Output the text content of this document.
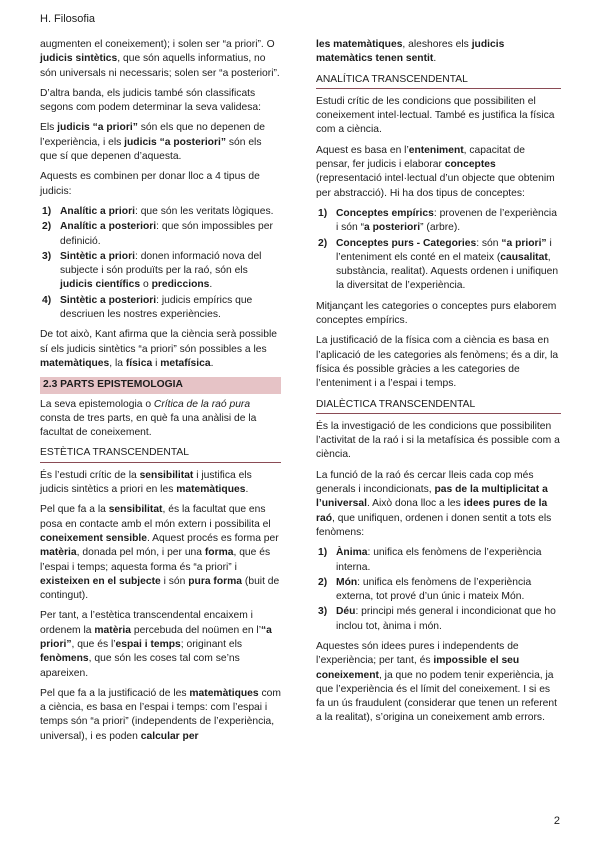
H. Filosofia

augmenten el coneixement); i solen ser “a priori”. O judicis sintètics, que són aquells informatius, no són universals ni necessaris; solen ser “a posteriori”.

D’altra banda, els judicis també són classificats segons com podem determinar la seva validesa:

Els judicis “a priori” són els que no depenen de l’experiència, i els judicis “a posteriori” són els que sí que depenen d’aquesta.

Aquests es combinen per donar lloc a 4 tipus de judicis:

1) Analític a priori: que són les veritats lògiques.
2) Analític a posteriori: que són impossibles per definició.
3) Sintètic a priori: donen informació nova del subjecte i són produïts per la raó, són els judicis científics o prediccions.
4) Sintètic a posteriori: judicis empírics que descriuen les nostres experiències.

De tot això, Kant afirma que la ciència serà possible sí els judicis sintètics “a priori” són possibles a les matemàtiques, la física i metafísica.

2.3 PARTS EPISTEMOLOGIA

La seva epistemologia o Crítica de la raó pura consta de tres parts, en què fa una anàlisi de la facultat de coneixement.

ESTÈTICA TRANSCENDENTAL

És l’estudi crític de la sensibilitat i justifica els judicis sintètics a priori en les matemàtiques.

Pel que fa a la sensibilitat, és la facultat que ens posa en contacte amb el món extern i possibilita el coneixement sensible. Aquest procés es forma per matèria, donada pel món, i per una forma, que és l’espai i temps; aquesta forma és “a priori” i existeixen en el subjecte i són pura forma (buit de contingut).

Per tant, a l’estètica transcendental encaixem i ordenem la matèria percebuda del noümen en l’“a priori”, que és l’espai i temps; originant els fenòmens, que són les coses tal com se’ns apareixen.

Pel que fa a la justificació de les matemàtiques com a ciència, es basa en l’espai i temps: com l’espai i temps són “a priori” (independents de l’experiència, universal), i es poden calcular per

les matemàtiques, aleshores els judicis matemàtics tenen sentit.

ANALÍTICA TRANSCENDENTAL

Estudi crític de les condicions que possibiliten el coneixement intel·lectual. També es justifica la física com a ciència.

Aquest es basa en l’enteniment, capacitat de pensar, fer judicis i elaborar conceptes (representació intel·lectual d’un objecte que obtenim per abstracció). Hi ha dos tipus de conceptes:

1) Conceptes empírics: provenen de l’experiència i són “a posteriori” (arbre).
2) Conceptes purs - Categories: són “a priori” i l’enteniment els conté en el mateix (causalitat, substància, realitat). Aquests ordenen i unifiquen la diversitat de l’experiència.

Mitjançant les categories o conceptes purs elaborem conceptes empírics.

La justificació de la física com a ciència es basa en l’aplicació de les categories als fenòmens; és a dir, la física és possible gràcies a les categories de l’enteniment i a l’espai i temps.

DIALÈCTICA TRANSCENDENTAL

És la investigació de les condicions que possibiliten l’activitat de la raó i si la metafísica és possible com a ciència.

La funció de la raó és cercar lleis cada cop més generals i incondicionats, pas de la multiplicitat a l’universal. Això dona lloc a les idees pures de la raó, que unifiquen, ordenen i donen sentit a tots els fenòmens:

1) Ànima: unifica els fenòmens de l’experiència interna.
2) Món: unifica els fenòmens de l’experiència externa, tot prové d’un únic i mateix Món.
3) Déu: principi més general i incondicionat que ho inclou tot, ànima i món.

Aquestes són idees pures i independents de l’experiència; per tant, és impossible el seu coneixement, ja que no podem tenir experiència, ja que l’experiència és el límit del coneixement. I si es fa un ús fraudulent (considerar que tenen un referent a la realitat), s’origina un coneixement amb errors.

2
